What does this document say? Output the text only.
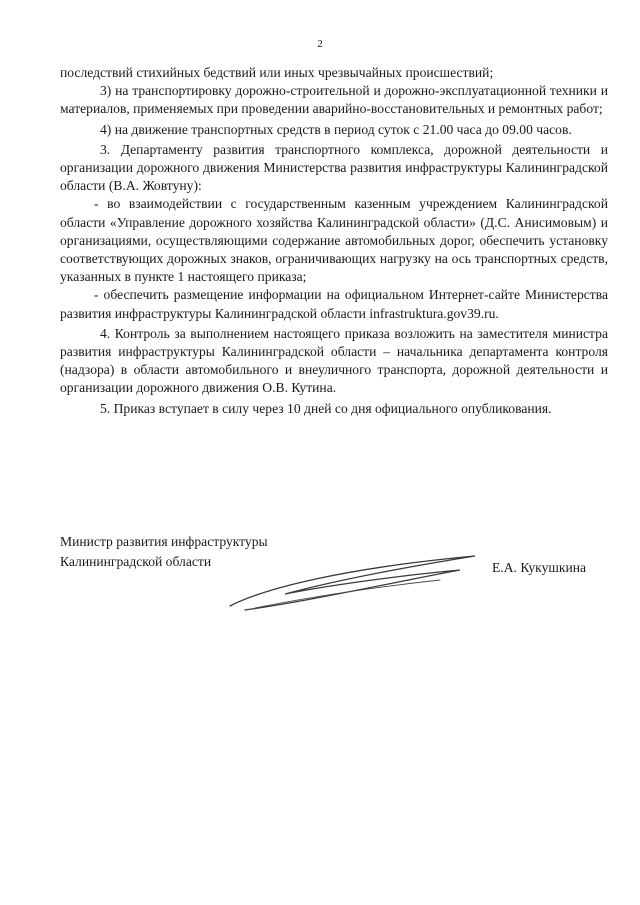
2

последствий стихийных бедствий или иных чрезвычайных происшествий;

3) на транспортировку дорожно-строительной и дорожно-эксплуатационной техники и материалов, применяемых при проведении аварийно-восстановительных и ремонтных работ;

4) на движение транспортных средств в период суток с 21.00 часа до 09.00 часов.

3. Департаменту развития транспортного комплекса, дорожной деятельности и организации дорожного движения Министерства развития инфраструктуры Калининградской области (В.А. Жовтуну):

- во взаимодействии с государственным казенным учреждением Калининградской области «Управление дорожного хозяйства Калининградской области» (Д.С. Анисимовым) и организациями, осуществляющими содержание автомобильных дорог, обеспечить установку соответствующих дорожных знаков, ограничивающих нагрузку на ось транспортных средств, указанных в пункте 1 настоящего приказа;

- обеспечить размещение информации на официальном Интернет-сайте Министерства развития инфраструктуры Калининградской области infrastruktura.gov39.ru.

4. Контроль за выполнением настоящего приказа возложить на заместителя министра развития инфраструктуры Калининградской области – начальника департамента контроля (надзора) в области автомобильного и внеуличного транспорта, дорожной деятельности и организации дорожного движения О.В. Кутина.

5. Приказ вступает в силу через 10 дней со дня официального опубликования.

Министр развития инфраструктуры
Калининградской области	Е.А. Кукушкина
